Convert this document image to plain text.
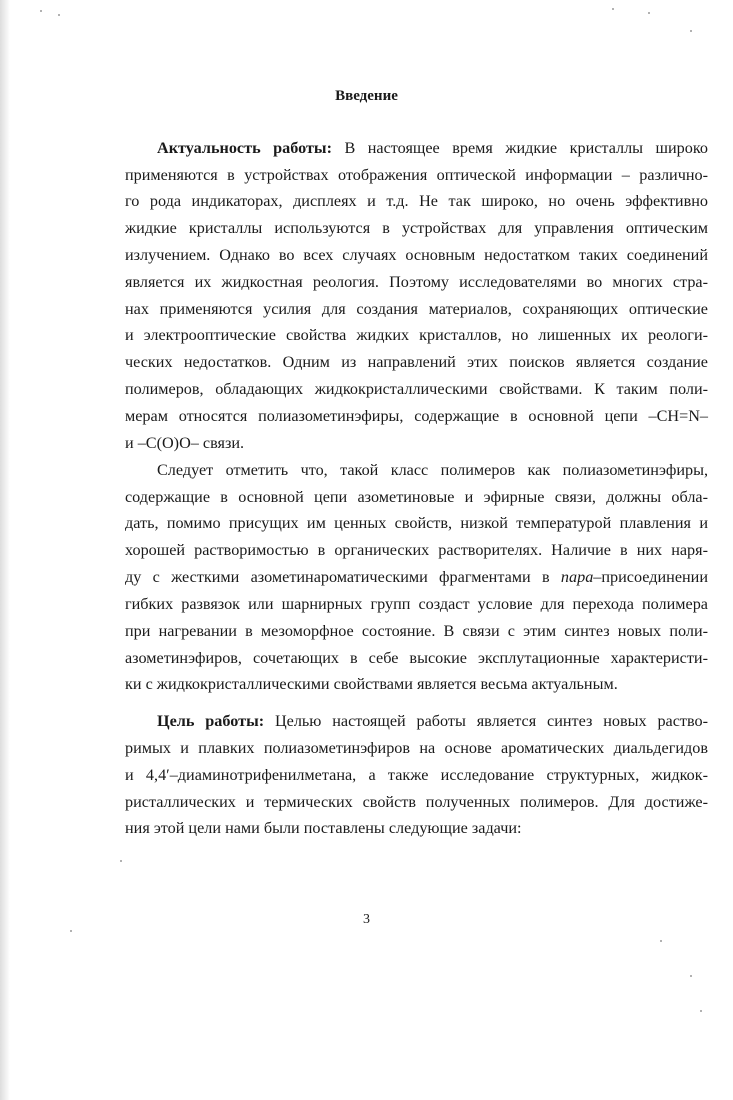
Введение
Актуальность работы: В настоящее время жидкие кристаллы широко
применяются в устройствах отображения оптической информации – различно-
го рода индикаторах, дисплеях и т.д. Не так широко, но очень эффективно
жидкие кристаллы используются в устройствах для управления оптическим
излучением. Однако во всех случаях основным недостатком таких соединений
является их жидкостная реология. Поэтому исследователями во многих стра-
нах применяются усилия для создания материалов, сохраняющих оптические
и электрооптические свойства жидких кристаллов, но лишенных их реологи-
ческих недостатков. Одним из направлений этих поисков является создание
полимеров, обладающих жидкокристаллическими свойствами. К таким поли-
мерам относятся полиазометинэфиры, содержащие в основной цепи –CH=N–
и –C(O)O– связи.
Следует отметить что, такой класс полимеров как полиазометинэфиры,
содержащие в основной цепи азометиновые и эфирные связи, должны обла-
дать, помимо присущих им ценных свойств, низкой температурой плавления и
хорошей растворимостью в органических растворителях. Наличие в них наря-
ду с жесткими азометинароматическими фрагментами в пара–присоединении
гибких развязок или шарнирных групп создаст условие для перехода полимера
при нагревании в мезоморфное состояние. В связи с этим синтез новых поли-
азометинэфиров, сочетающих в себе высокие эксплутационные характеристи-
ки с жидкокристаллическими свойствами является весьма актуальным.
Цель работы: Целью настоящей работы является синтез новых раство-
римых и плавких полиазометинэфиров на основе ароматических диальдегидов
и 4,4′–диаминотрифенилметана, а также исследование структурных, жидкок-
ристаллических и термических свойств полученных полимеров. Для достиже-
ния этой цели нами были поставлены следующие задачи:
3
